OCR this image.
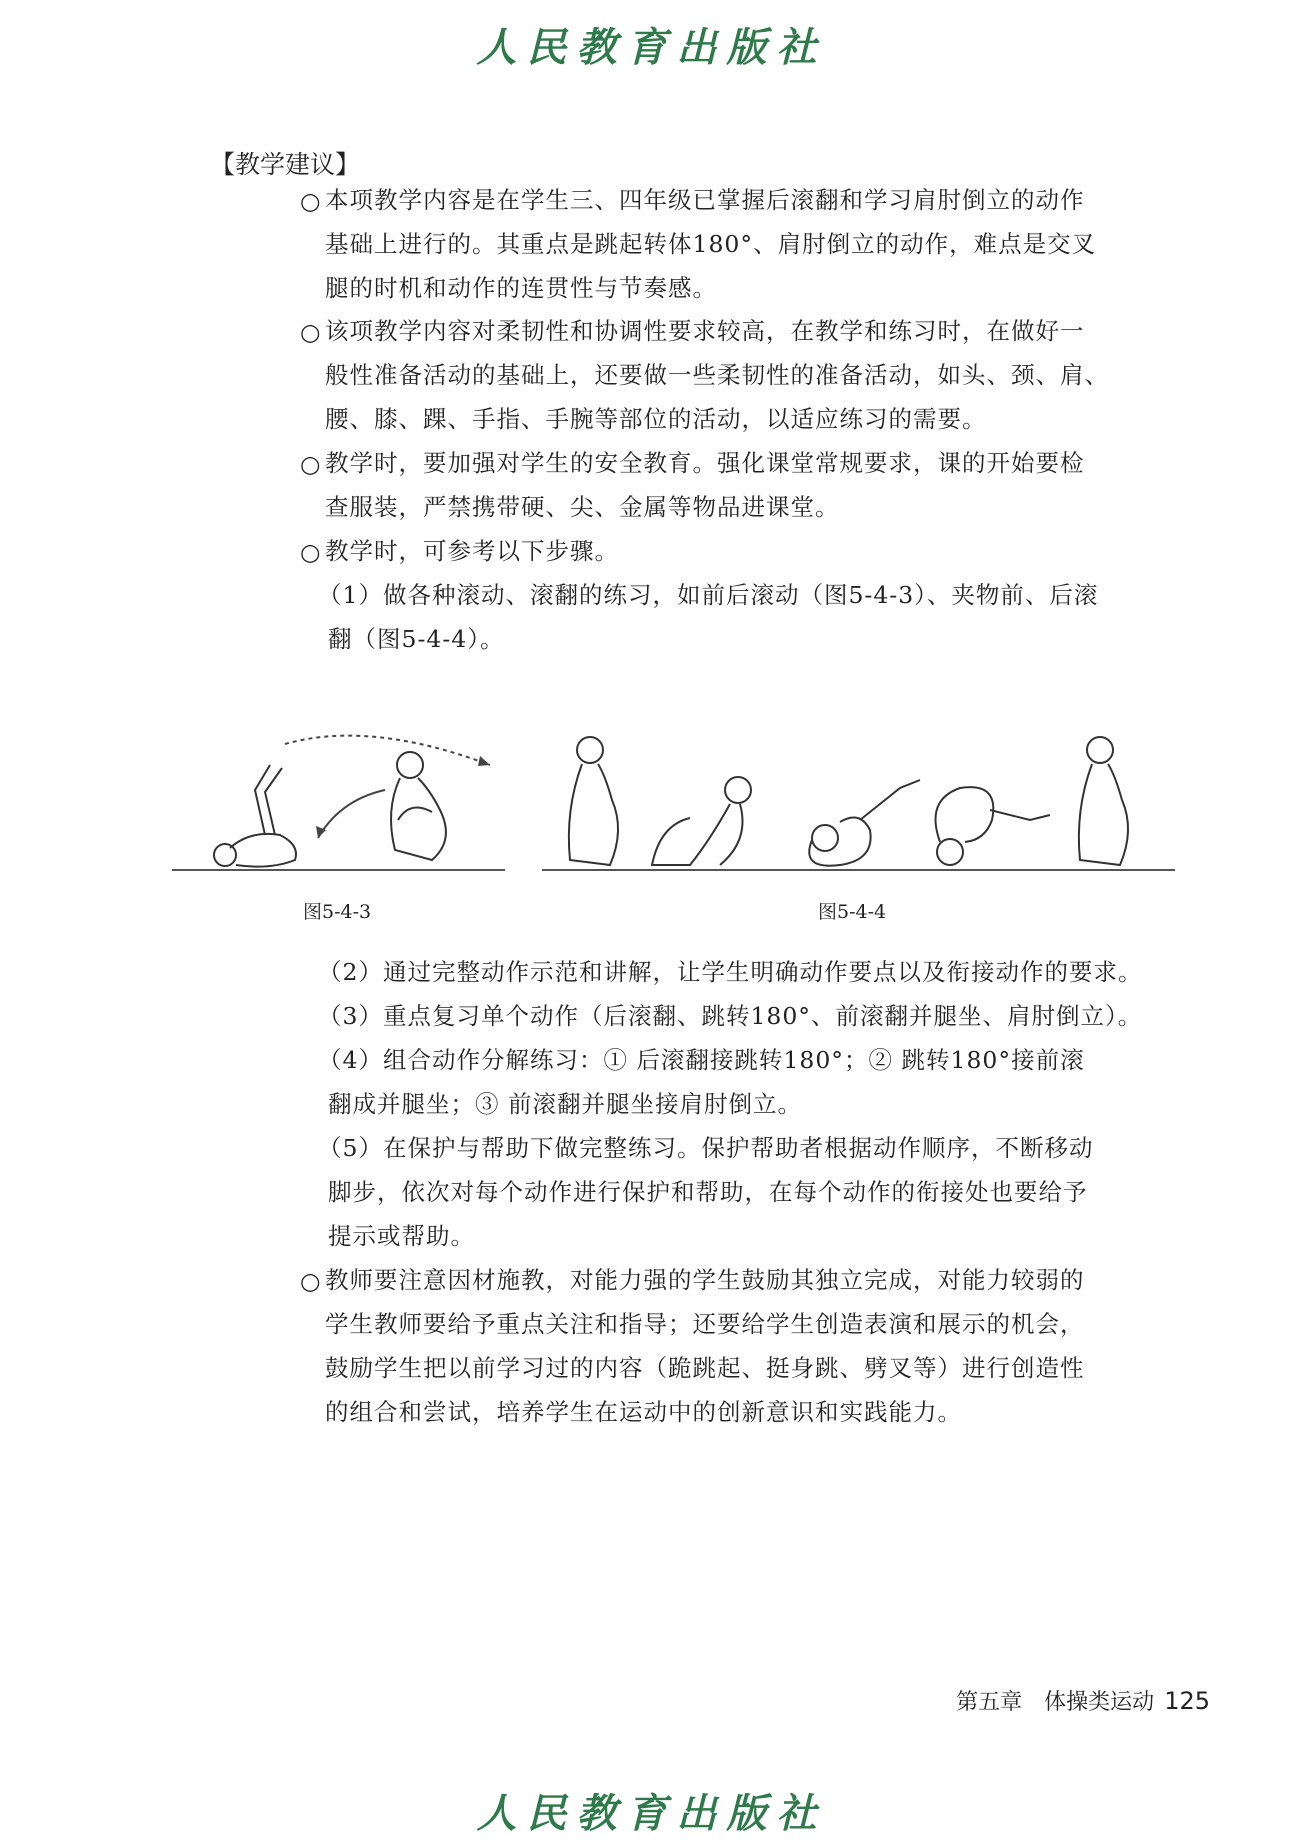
人民教育出版社
【教学建议】
○ 本项教学内容是在学生三、四年级已掌握后滚翻和学习肩肘倒立的动作
基础上进行的。其重点是跳起转体180°、肩肘倒立的动作，难点是交叉
腿的时机和动作的连贯性与节奏感。
○ 该项教学内容对柔韧性和协调性要求较高，在教学和练习时，在做好一
般性准备活动的基础上，还要做一些柔韧性的准备活动，如头、颈、肩、
腰、膝、踝、手指、手腕等部位的活动，以适应练习的需要。
○ 教学时，要加强对学生的安全教育。强化课堂常规要求，课的开始要检
查服装，严禁携带硬、尖、金属等物品进课堂。
○ 教学时，可参考以下步骤。
（1）做各种滚动、滚翻的练习，如前后滚动（图5-4-3）、夹物前、后滚
翻（图5-4-4）。
图5-4-3	图5-4-4
（2）通过完整动作示范和讲解，让学生明确动作要点以及衔接动作的要求。
（3）重点复习单个动作（后滚翻、跳转180°、前滚翻并腿坐、肩肘倒立）。
（4）组合动作分解练习：① 后滚翻接跳转180°；② 跳转180°接前滚
翻成并腿坐；③ 前滚翻并腿坐接肩肘倒立。
（5）在保护与帮助下做完整练习。保护帮助者根据动作顺序，不断移动
脚步，依次对每个动作进行保护和帮助，在每个动作的衔接处也要给予
提示或帮助。
○ 教师要注意因材施教，对能力强的学生鼓励其独立完成，对能力较弱的
学生教师要给予重点关注和指导；还要给学生创造表演和展示的机会，
鼓励学生把以前学习过的内容（跪跳起、挺身跳、劈叉等）进行创造性
的组合和尝试，培养学生在运动中的创新意识和实践能力。
第五章　体操类运动 125
人民教育出版社
